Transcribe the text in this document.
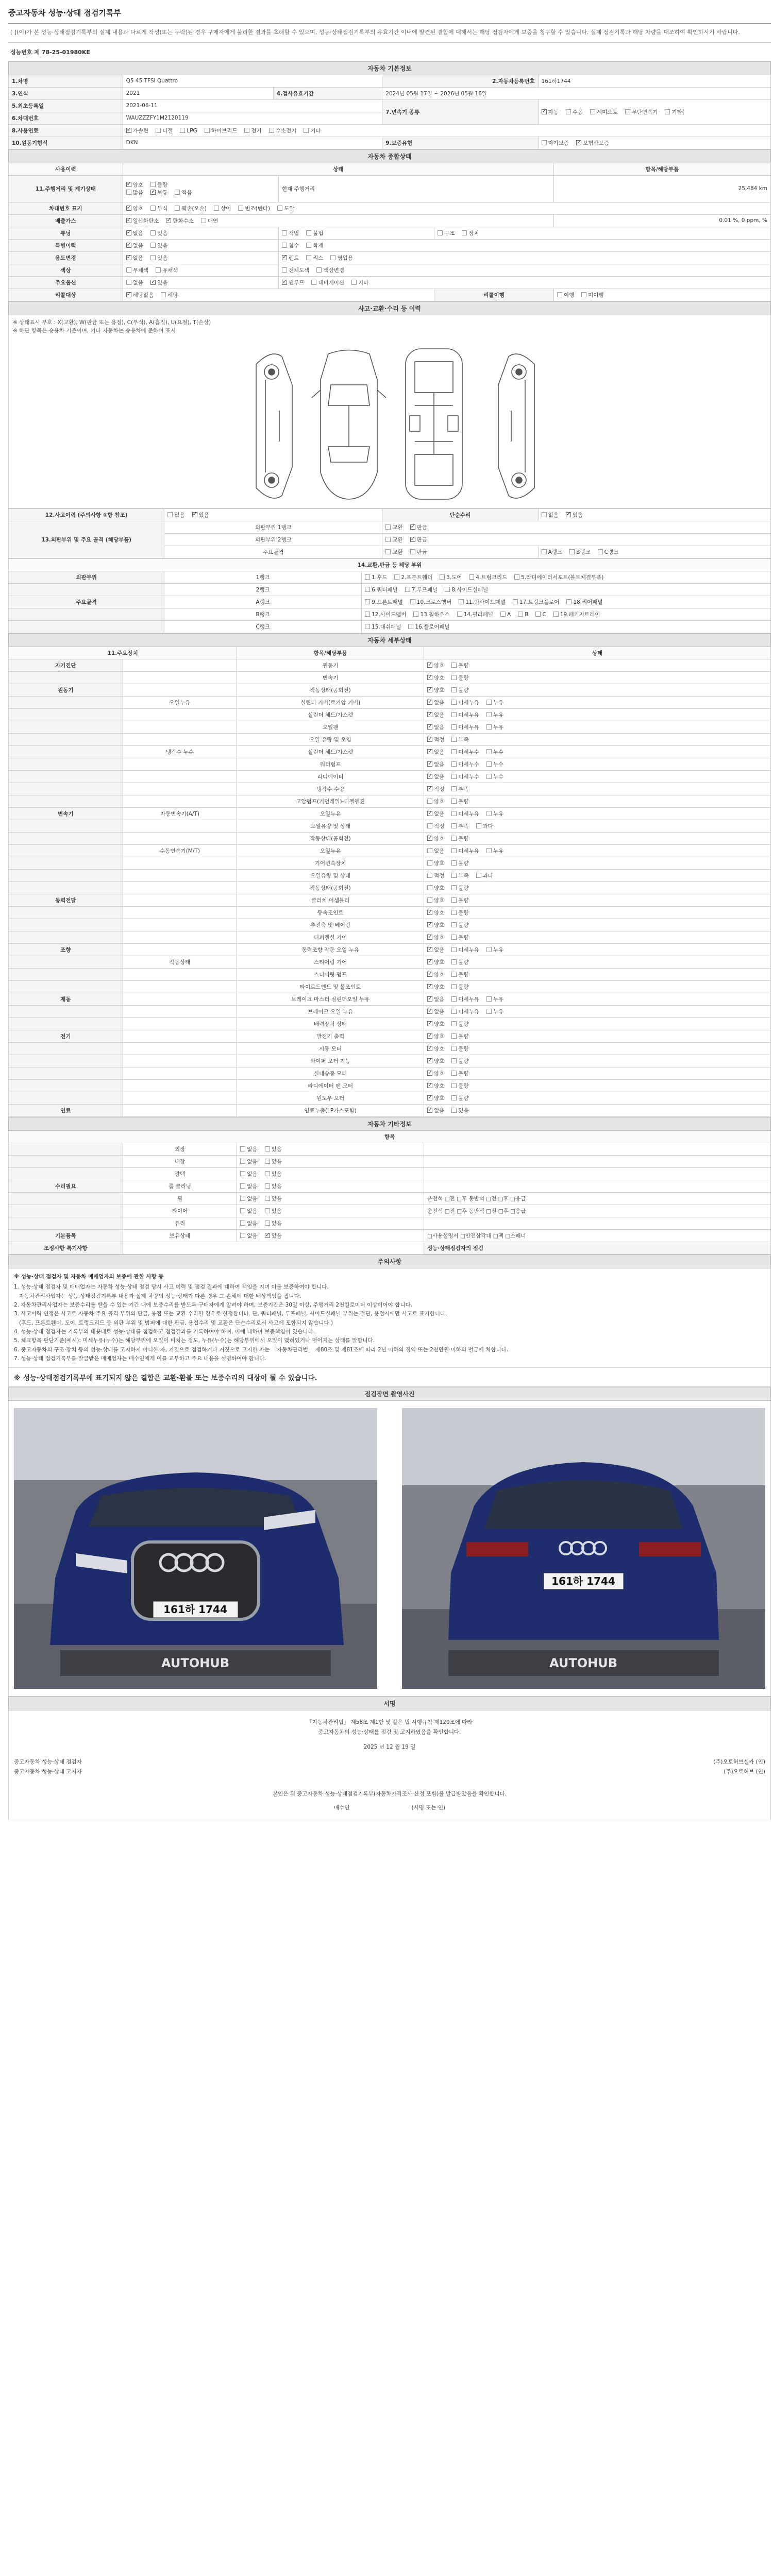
중고자동차 성능·상태 점검기록부
[ ](이)가 본 성능·상태점검기록부의 실제 내용과 다르게 작성(또는 누락)된 경우 구매자에게 불리한 결과를 초래할 수 있으며, 성능·상태점검기록부의 유효기간 이내에 발견된 결함에 대해서는 해당 점검자에게 보증을 청구할 수 있습니다. 실제 점검기록과 해당 차량을 대조하여 확인하시기 바랍니다.
성능번호 제 78-25-01980KE
자동차 기본정보				
1.차명	Q5 45 TFSI Quattro		2.자동차등록번호	161하1744
3.연식	2021	4.검사유효기간	2024년 05월 17일 ~ 2026년 05월 16일	
5.최초등록일	2021-06-11		7.변속기 종류	✓자동 수동 세미오토 무단변속기 기타(
6.차대번호	WAUZZZFY1M2120119			
8.사용연료	✓가솔린 디젤 LPG 하이브리드 전기 수소전기 기타
10.원동기형식	DKN		9.보증유형	자가보증 ✓ 보험사보증
자동차 종합상태				
사용이력	상태			항목/해당부품
11.주행거리 및 계기상태	✓양호 불량
많음 ✓ 보통 적음	현재 주행거리		25,484 km
차대번호 표기	✓양호 부식 훼손(오손) 상이 변조(변타) 도말
배출가스	✓일산화탄소 ✓ 탄화수소 매연			0.01 %, 0 ppm, %
튜닝	✓없음 있음	적법 불법	구조 장치	
특별이력	✓없음 있음	침수 화재		
용도변경	✓없음 있음	✓렌트 리스 영업용
색상	무채색 유채색	전체도색 색상변경		
주요옵션	없음 ✓ 있음	✓썬루프 네비게이션 기타
리콜대상	✓해당없음 해당		리콜이행	이행 미이행
사고·교환·수리 등 이력
※ 상태표시 부호 : X(교환), W(판금 또는 용접), C(부식), A(흠집), U(요철), T(손상)
※ 하단 항목은 승용차 기준이며, 기타 자동차는 승용차에 준하여 표시
12.사고이력 (주의사항 ①항 참조)	없음 ✓ 있음	단순수리	없음 ✓ 있음
13.외판부위 및 주요 골격 (해당부품)	외판부위 1랭크	교환 ✓ 판금
	외판부위 2랭크	교환 ✓ 판금
	주요골격	교환 판금	A랭크 B랭크 C랭크
14.교환,판금 등 해당 부위		
외판부위	1랭크	1.후드 2.프론트휀더 3.도어 4.트렁크리드 5.라디에이터서포트(볼트체결부품)
	2랭크	6.쿼터패널 7.루프패널 8.사이드실패널
주요골격	A랭크	9.프론트패널 10.크로스멤버 11.인사이드패널 17.트렁크플로어 18.리어패널
	B랭크	12.사이드멤버 13.휠하우스 14.필러패널 A B C 19.패키지트레이
	C랭크	15.대쉬패널 16.플로어패널
자동차 세부상태			
11.주요장치		항목/해당부품	상태
자기진단		원동기	✓양호 불량
		변속기	✓양호 불량
원동기		작동상태(공회전)	✓양호 불량
	오일누유	실린더 커버(로커암 커버)	✓없음 미세누유 누유
		실린더 헤드/가스켓	✓없음 미세누유 누유
		오일팬	✓없음 미세누유 누유
		오일 유량 및 오염	✓적정 부족
	냉각수 누수	실린더 헤드/가스켓	✓없음 미세누수 누수
		워터펌프	✓없음 미세누수 누수
		라디에이터	✓없음 미세누수 누수
		냉각수 수량	✓적정 부족
		고압펌프(커먼레일)-디젤엔진	양호 불량
변속기	자동변속기(A/T)	오일누유	✓없음 미세누유 누유
		오일유량 및 상태	적정 부족 과다
		작동상태(공회전)	✓양호 불량
	수동변속기(M/T)	오일누유	없음 미세누유 누유
		기어변속장치	양호 불량
		오일유량 및 상태	적정 부족 과다
		작동상태(공회전)	양호 불량
동력전달		클러치 어셈블리	양호 불량
		등속조인트	✓양호 불량
		추진축 및 베어링	✓양호 불량
		디퍼렌셜 기어	✓양호 불량
조향		동력조향 작동 오일 누유	✓없음 미세누유 누유
	작동상태	스티어링 기어	✓양호 불량
		스티어링 펌프	✓양호 불량
		타이로드엔드 및 볼조인트	✓양호 불량
제동		브레이크 마스터 실린더오일 누유	✓없음 미세누유 누유
		브레이크 오일 누유	✓없음 미세누유 누유
		배력장치 상태	✓양호 불량
전기		발전기 출력	✓양호 불량
		시동 모터	✓양호 불량
		와이퍼 모터 기능	✓양호 불량
		실내송풍 모터	✓양호 불량
		라디에이터 팬 모터	✓양호 불량
		윈도우 모터	✓양호 불량
연료		연료누출(LP가스포함)	✓없음 있음
자동차 기타정보			
항목			
	외장	없음 있음	
	내장	없음 있음	
	광택	없음 있음	
수리필요	룸 클리닝	없음 있음	
	휠	없음 있음	운전석 □전 □후 동반석 □전 □후 □응급
	타이어	없음 있음	운전석 □전 □후 동반석 □전 □후 □응급
	유리	없음 있음	
기본품목	보유상태	없음 ✓ 있음	□사용설명서 □안전삼각대 □잭 □스패너
조정사항 특기사항			성능·상태점검자의 점검
주의사항
※ 성능·상태 점검자 및 자동차 매매업자의 보증에 관한 사항 등
1. 성능·상태 점검자 및 매매업자는 자동차 성능·상태 점검 당시 사고 이력 및 점검 결과에 대하여 책임을 지며 이를 보증하여야 합니다.
자동차관리사업자는 성능·상태점검기록부 내용과 실제 차량의 성능·상태가 다른 경우 그 손해에 대한 배상책임을 집니다.
2. 자동차관리사업자는 보증수리를 받을 수 있는 기간 내에 보증수리를 받도록 구매자에게 알려야 하며, 보증기간은 30일 이상, 주행거리 2천킬로미터 이상이어야 합니다.
3. 사고이력 인정은 사고로 자동차 주요 골격 부위의 판금, 용접 또는 교환 수리한 경우로 한정합니다. 단, 쿼터패널, 루프패널, 사이드실패널 부위는 절단, 용접시에만 사고로 표기합니다.
(후드, 프론트휀더, 도어, 트렁크리드 등 외판 부위 및 범퍼에 대한 판금, 용접수리 및 교환은 단순수리로서 사고에 포함되지 않습니다.)
4. 성능·상태 점검자는 기록부의 내용대로 성능·상태를 점검하고 점검결과를 기록하여야 하며, 이에 대하여 보증책임이 있습니다.
5. 체크항목 판단기준(예시): 미세누유(누수)는 해당부위에 오일이 비치는 정도, 누유(누수)는 해당부위에서 오일이 맺혀있거나 떨어지는 상태를 말합니다.
6. 중고자동차의 구조·장치 등의 성능·상태를 고지하지 아니한 자, 거짓으로 점검하거나 거짓으로 고지한 자는 「자동차관리법」 제80조 및 제81조에 따라 2년 이하의 징역 또는 2천만원 이하의 벌금에 처합니다.
7. 성능·상태 점검기록부를 발급받은 매매업자는 매수인에게 이를 교부하고 주요 내용을 설명하여야 합니다.
※ 성능·상태점검기록부에 표기되지 않은 결함은 교환·환불 또는 보증수리의 대상이 될 수 있습니다.
점검장면 촬영사진
161하 1744
AUTOHUB
161하 1744
AUTOHUB
서명
「자동차관리법」 제58조 제1항 및 같은 법 시행규칙 제120조에 따라
중고자동차의 성능·상태를 점검 및 고지하였음을 확인합니다.
2025 년 12 월 19 일
중고자동차 성능·상태 점검자	(주)오토허브셀카 (인)
중고자동차 성능·상태 고지자	(주)오토허브 (인)
본인은 위 중고자동차 성능·상태점검기록부(자동차가격조사·산정 포함)를 발급받았음을 확인합니다.
매수인                                    (서명 또는 인)
